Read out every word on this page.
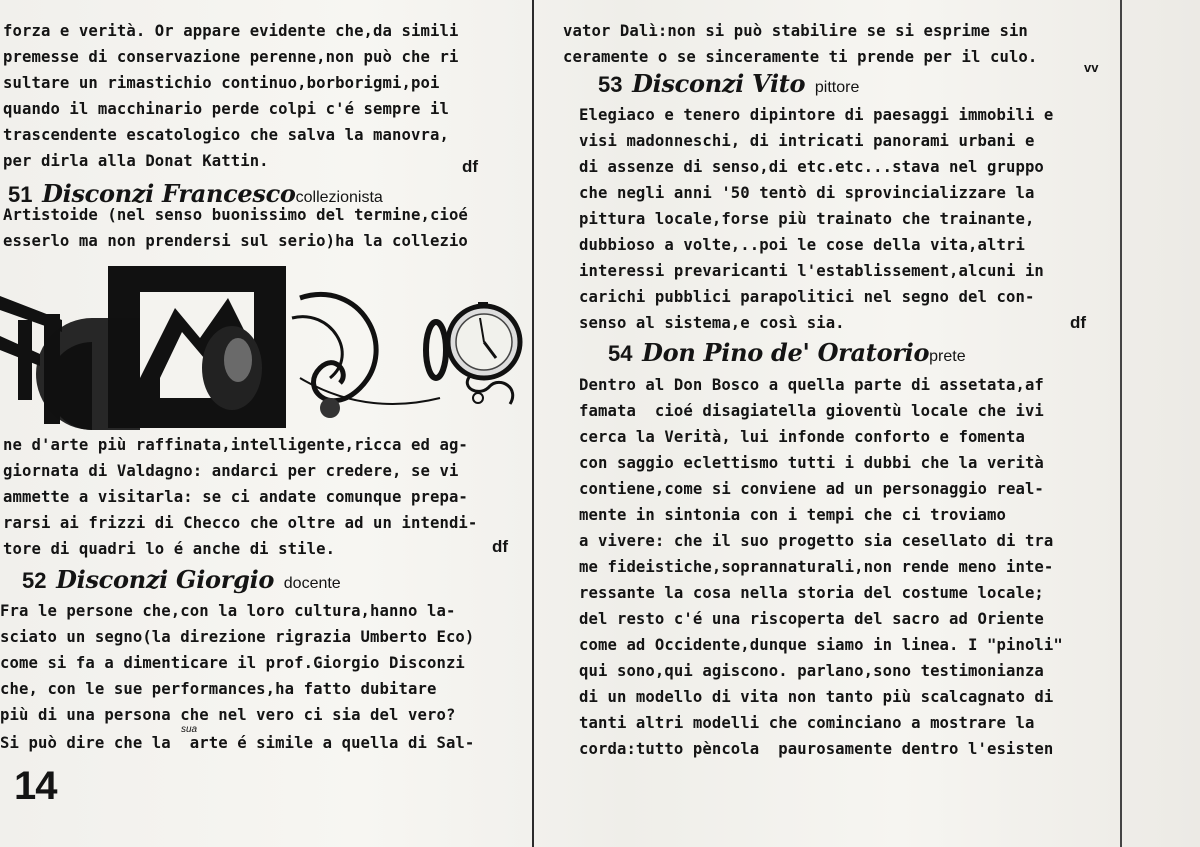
forza e verità. Or appare evidente che,da simili
premesse di conservazione perenne,non può che ri
sultare un rimastichio continuo,borborigmi,poi
quando il macchinario perde colpi c'é sempre il
trascendente escatologico che salva la manovra,
per dirla alla Donat Kattin.	df
51 Disconzi Francescocollezionista
Artistoide (nel senso buonissimo del termine,cioé
esserlo ma non prendersi sul serio)ha la collezio
ne d'arte più raffinata,intelligente,ricca ed ag-
giornata di Valdagno: andarci per credere, se vi
ammette a visitarla: se ci andate comunque prepa-
rarsi ai frizzi di Checco che oltre ad un intendi-
tore di quadri lo é anche di stile.	df
52 Disconzi Giorgio docente
Fra le persone che,con la loro cultura,hanno la-
sciato un segno(la direzione rigrazia Umberto Eco)
come si fa a dimenticare il prof.Giorgio Disconzi
che, con le sue performances,ha fatto dubitare
più di una persona che nel vero ci sia del vero?
Si può dire che la  arte é simile a quella di Sal-
sua
14
vator Dalì:non si può stabilire se si esprime sin
ceramente o se sinceramente ti prende per il culo.
vv
53 Disconzi Vito pittore
Elegiaco e tenero dipintore di paesaggi immobili e
visi madonneschi, di intricati panorami urbani e
di assenze di senso,di etc.etc...stava nel gruppo
che negli anni '50 tentò di sprovincializzare la
pittura locale,forse più trainato che trainante,
dubbioso a volte,..poi le cose della vita,altri
interessi prevaricanti l'establissement,alcuni in
carichi pubblici parapolitici nel segno del con-
senso al sistema,e così sia.	df
54 Don Pino de' Oratorioprete
Dentro al Don Bosco a quella parte di assetata,af
famata  cioé disagiatella gioventù locale che ivi
cerca la Verità, lui infonde conforto e fomenta
con saggio eclettismo tutti i dubbi che la verità
contiene,come si conviene ad un personaggio real-
mente in sintonia con i tempi che ci troviamo
a vivere: che il suo progetto sia cesellato di tra
me fideistiche,soprannaturali,non rende meno inte-
ressante la cosa nella storia del costume locale;
del resto c'é una riscoperta del sacro ad Oriente
come ad Occidente,dunque siamo in linea. I "pinoli"
qui sono,qui agiscono. parlano,sono testimonianza
di un modello di vita non tanto più scalcagnato di
tanti altri modelli che cominciano a mostrare la
corda:tutto pèncola  paurosamente dentro l'esisten
